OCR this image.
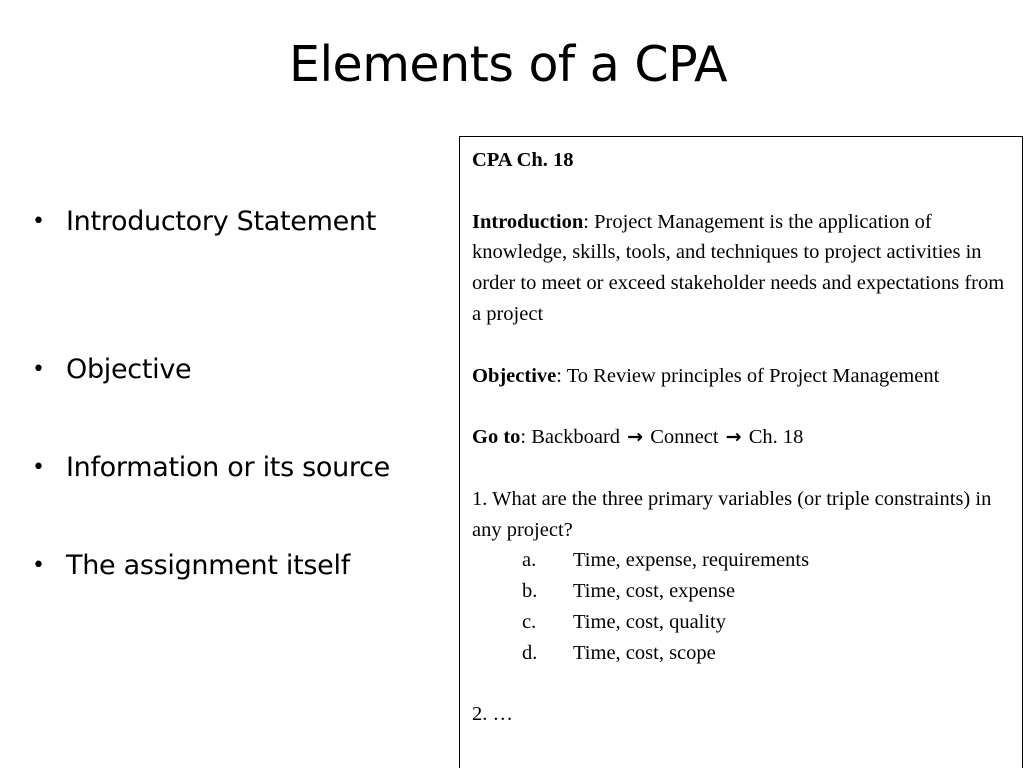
Elements of a CPA
• Introductory Statement
• Objective
• Information or its source
• The assignment itself

CPA Ch. 18

Introduction: Project Management is the application of knowledge, skills, tools, and techniques to project activities in order to meet or exceed stakeholder needs and expectations from a project

Objective: To Review principles of Project Management

Go to: Backboard → Connect → Ch. 18

1. What are the three primary variables (or triple constraints) in any project?

a. Time, expense, requirements
b. Time, cost, expense
c. Time, cost, quality
d. Time, cost, scope

2. …
